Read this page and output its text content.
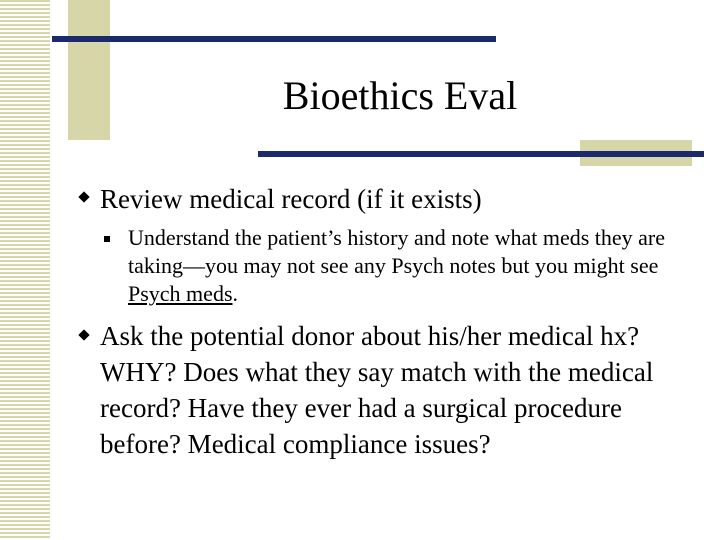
Bioethics Eval
Review medical record (if it exists)
Understand the patient’s history and note what meds they are taking—you may not see any Psych notes but you might see Psych meds.
Ask the potential donor about his/her medical hx? WHY? Does what they say match with the medical record? Have they ever had a surgical procedure before? Medical compliance issues?
